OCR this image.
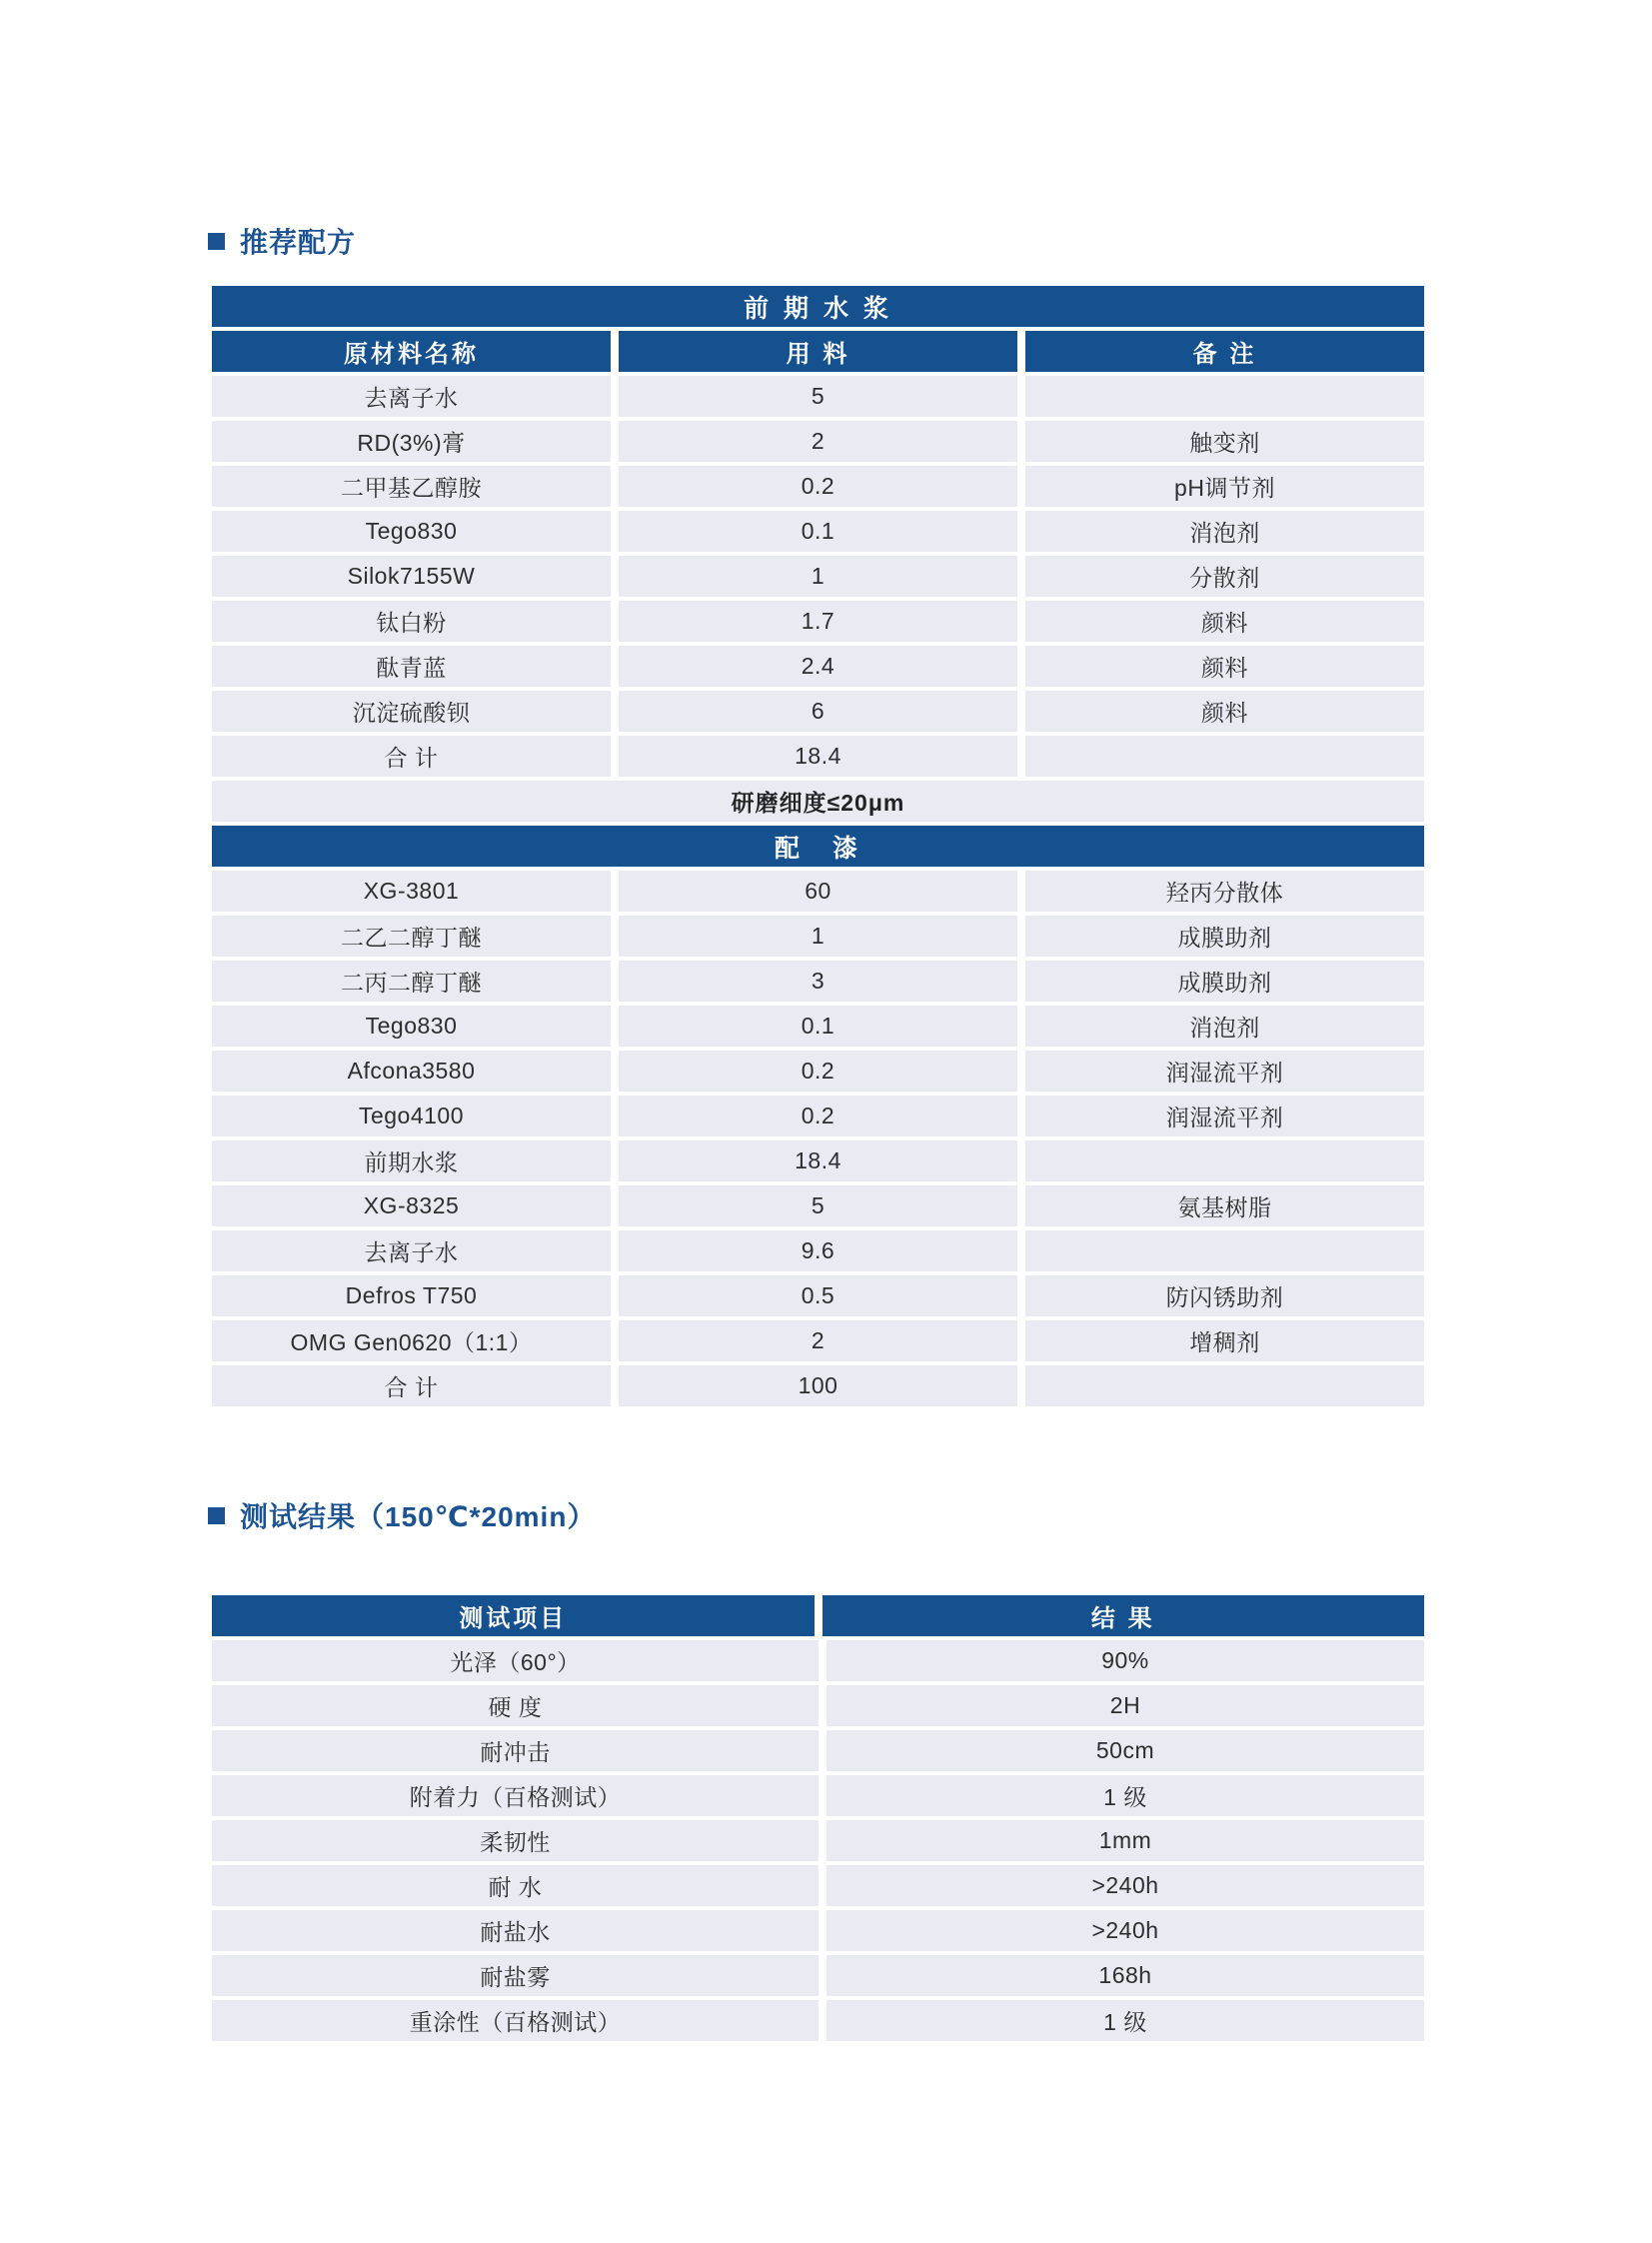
推荐配方
前 期 水 浆
原材料名称	用 料	备 注
去离子水	5
RD(3%)膏	2	触变剂
二甲基乙醇胺	0.2	pH调节剂
Tego830	0.1	消泡剂
Silok7155W	1	分散剂
钛白粉	1.7	颜料
酞青蓝	2.4	颜料
沉淀硫酸钡	6	颜料
合 计	18.4
研磨细度≤20μm
配　漆
XG-3801	60	羟丙分散体
二乙二醇丁醚	1	成膜助剂
二丙二醇丁醚	3	成膜助剂
Tego830	0.1	消泡剂
Afcona3580	0.2	润湿流平剂
Tego4100	0.2	润湿流平剂
前期水浆	18.4
XG-8325	5	氨基树脂
去离子水	9.6
Defros T750	0.5	防闪锈助剂
OMG Gen0620（1:1）	2	增稠剂
合 计	100
测试结果（150℃*20min）
测试项目	结 果
光泽（60°）	90%
硬 度	2H
耐冲击	50cm
附着力（百格测试）	1 级
柔韧性	1mm
耐 水	>240h
耐盐水	>240h
耐盐雾	168h
重涂性（百格测试）	1 级
